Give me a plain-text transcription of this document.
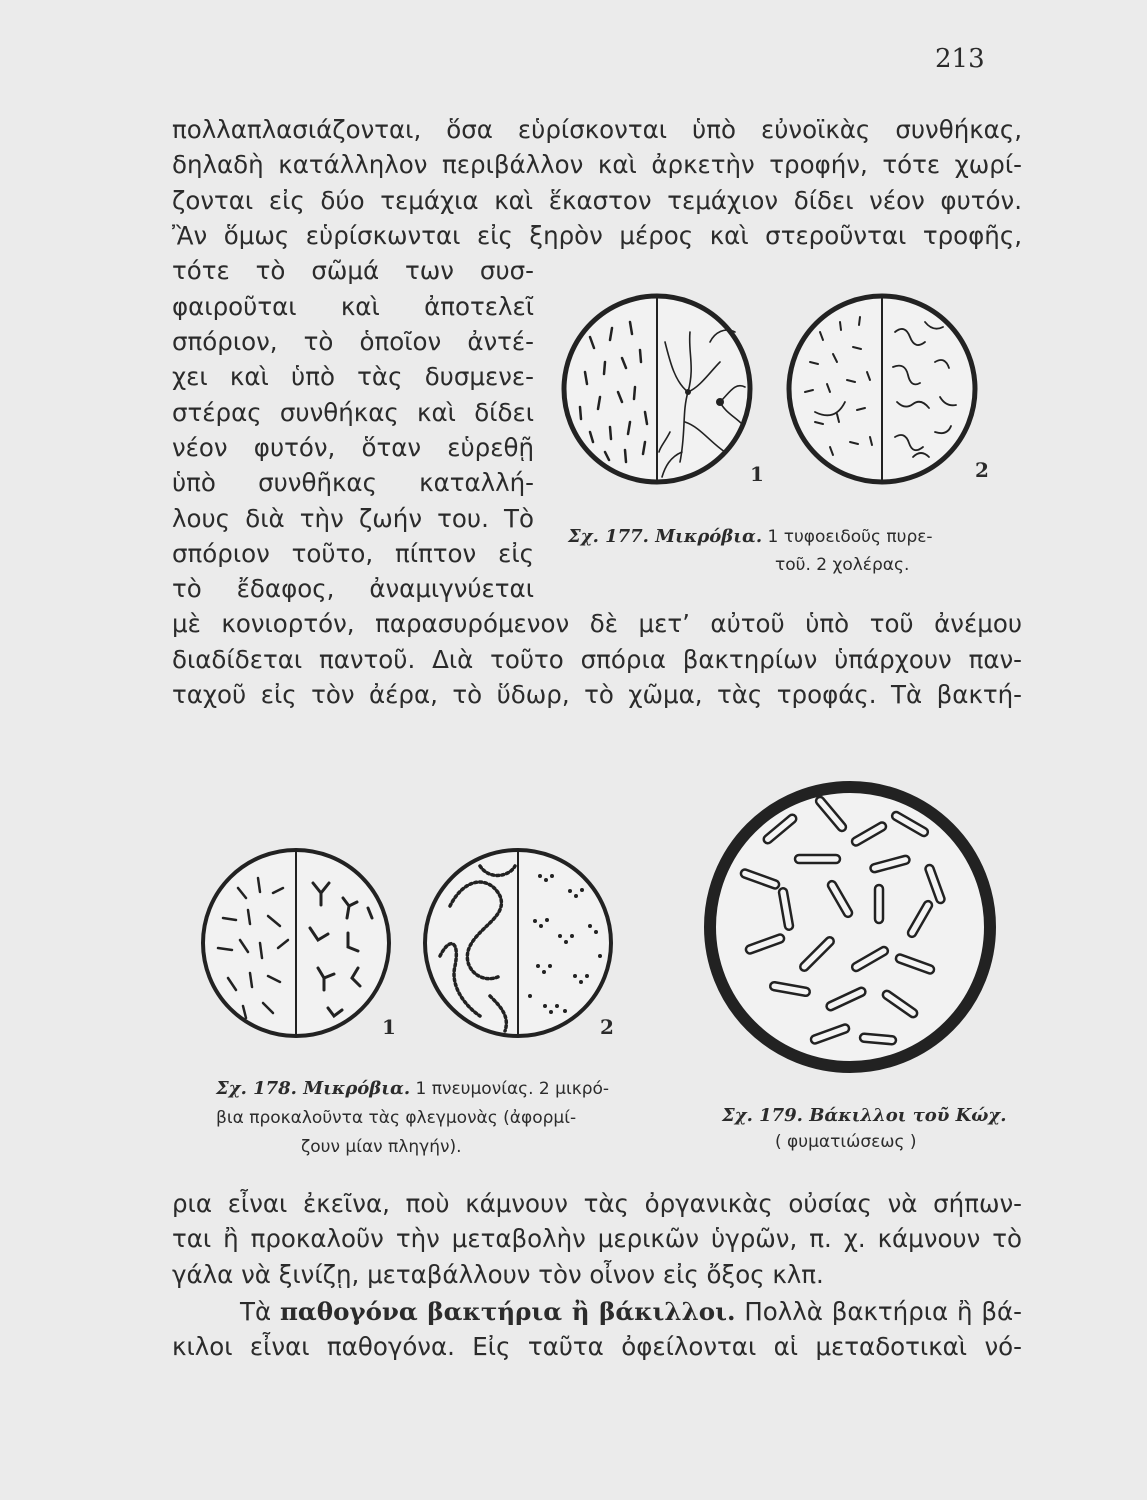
213
πολλαπλασιάζονται, ὅσα εὑρίσκονται ὑπὸ εὐνοϊκὰς συνθήκας,
δηλαδὴ κατάλληλον περιβάλλον καὶ ἀρκετὴν τροφήν, τότε χωρί-
ζονται εἰς δύο τεμάχια καὶ ἕκαστον τεμάχιον δίδει νέον φυτόν.
Ἂν ὅμως εὑρίσκωνται εἰς ξηρὸν μέρος καὶ στεροῦνται τροφῆς,
τότε τὸ σῶμά των συσ-
φαιροῦται καὶ ἀποτελεῖ
σπόριον, τὸ ὁποῖον ἀντέ-
χει καὶ ὑπὸ τὰς δυσμενε-
στέρας συνθήκας καὶ δίδει
νέον φυτόν, ὅταν εὑρεθῇ
ὑπὸ συνθῆκας καταλλή-
λους διὰ τὴν ζωήν του. Τὸ
σπόριον τοῦτο, πίπτον εἰς
τὸ ἔδαφος, ἀναμιγνύεται
μὲ κονιορτόν, παρασυρόμενον δὲ μετ’ αὐτοῦ ὑπὸ τοῦ ἀνέμου
διαδίδεται παντοῦ. Διὰ τοῦτο σπόρια βακτηρίων ὑπάρχουν παν-
ταχοῦ εἰς τὸν ἀέρα, τὸ ὕδωρ, τὸ χῶμα, τὰς τροφάς. Τὰ βακτή-
1	2
Σχ. 177. Μικρόβια. 1 τυφοειδοῦς πυρε-
τοῦ. 2 χολέρας.
1	2
Σχ. 178. Μικρόβια. 1 πνευμονίας. 2 μικρό-
βια προκαλοῦντα τὰς φλεγμονὰς (ἀφορμί-
ζουν μίαν πληγήν).
Σχ. 179. Βάκιλλοι τοῦ Κώχ.
( φυματιώσεως )
ρια εἶναι ἐκεῖνα, ποὺ κάμνουν τὰς ὀργανικὰς οὐσίας νὰ σήπων-
ται ἢ προκαλοῦν τὴν μεταβολὴν μερικῶν ὑγρῶν, π. χ. κάμνουν τὸ
γάλα νὰ ξινίζῃ, μεταβάλλουν τὸν οἶνον εἰς ὄξος κλπ.
Τὰ παθογόνα βακτήρια ἢ βάκιλλοι. Πολλὰ βακτήρια ἢ βά-
κιλοι εἶναι παθογόνα. Εἰς ταῦτα ὀφείλονται αἱ μεταδοτικαὶ νό-
